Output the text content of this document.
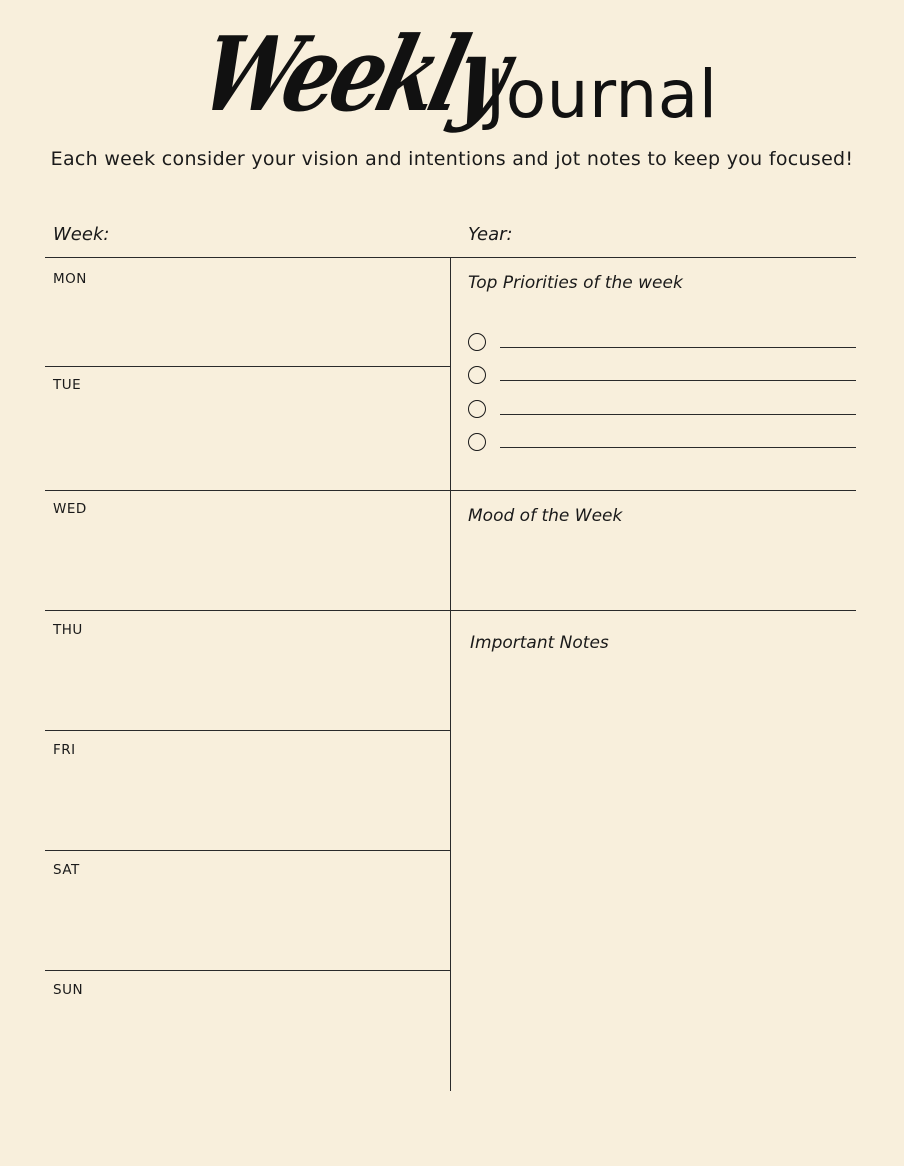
WeeklyJournal
Each week consider your vision and intentions and jot notes to keep you focused!
Week:	Year:
MON
TUE
WED
THU
FRI
SAT
SUN
Top Priorities of the week
Mood of the Week
Important Notes
